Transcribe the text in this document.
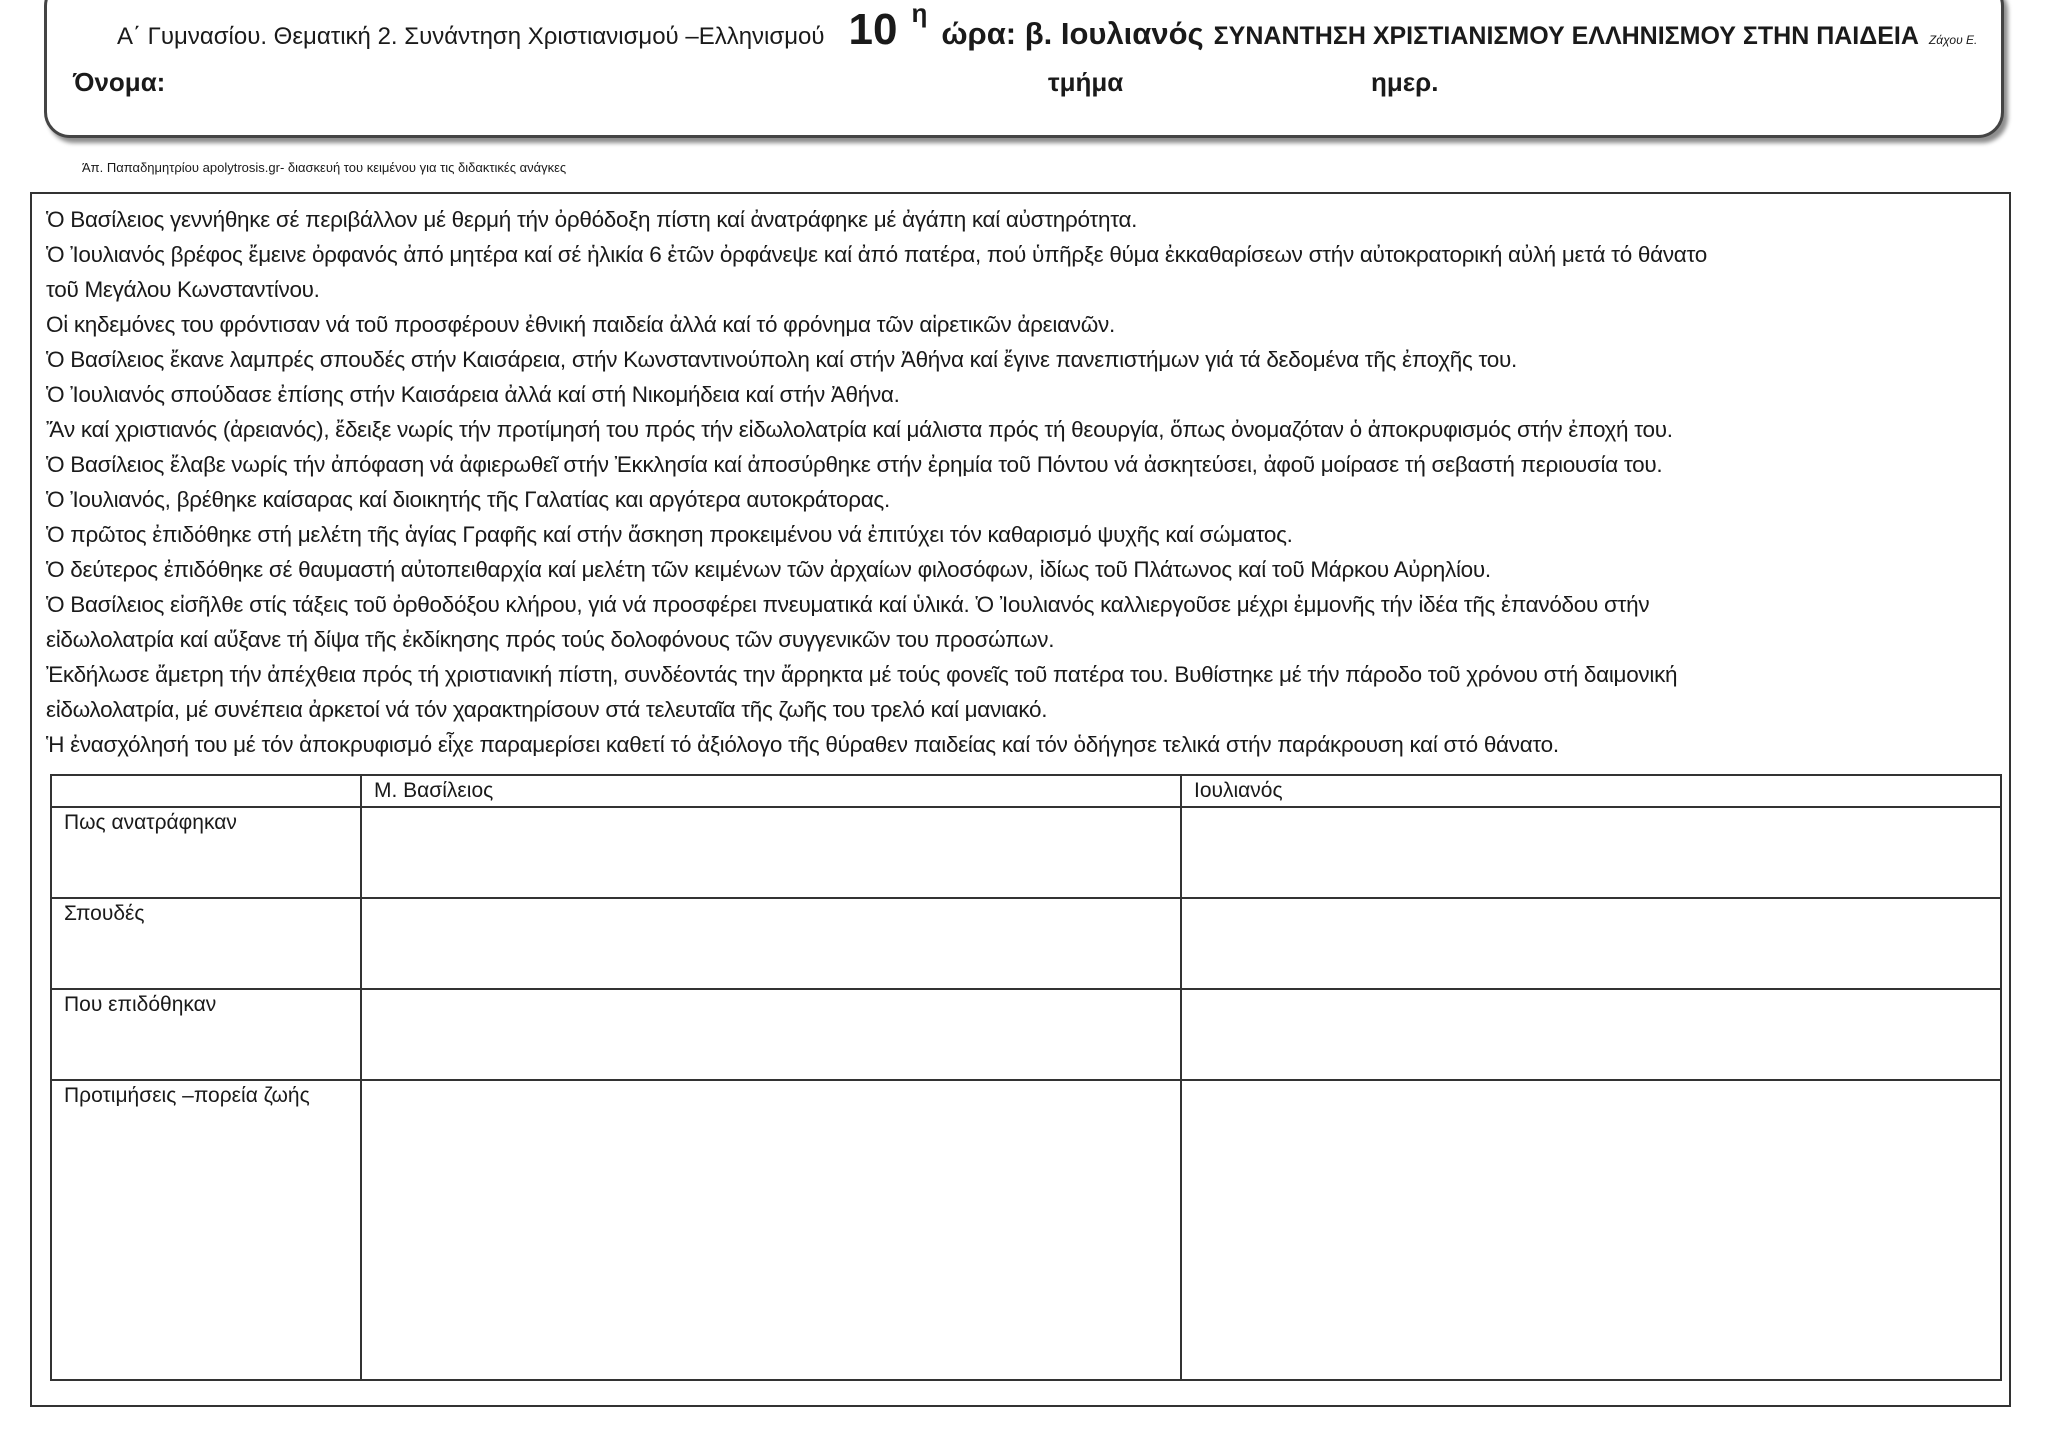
Α΄ Γυμνασίου. Θεματική 2. Συνάντηση Χριστιανισμού –Ελληνισμού 10 η
ώρα: β. Ιουλιανός ΣΥΝΑΝΤΗΣΗ ΧΡΙΣΤΙΑΝΙΣΜΟΥ ΕΛΛΗΝΙΣΜΟΥ ΣΤΗΝ ΠΑΙΔΕΙΑ Ζάχου Ε.
Όνομα:	τμήμα	ημερ.
Άπ. Παπαδημητρίου apolytrosis.gr- διασκευή του κειμένου για τις διδακτικές ανάγκες

Ὁ Βασίλειος γεννήθηκε σέ περιβάλλον μέ θερμή τήν ὀρθόδοξη πίστη καί ἀνατράφηκε μέ ἀγάπη καί αὐστηρότητα.

Ὁ Ἰουλιανός βρέφος ἔμεινε ὀρφανός ἀπό μητέρα καί σέ ἡλικία 6 ἐτῶν ὀρφάνεψε καί ἀπό πατέρα, πού ὑπῆρξε θύμα ἐκκαθαρίσεων στήν αὐτοκρατορική αὐλή μετά τό θάνατο

τοῦ Μεγάλου Κωνσταντίνου.

Οἱ κηδεμόνες του φρόντισαν νά τοῦ προσφέρουν ἐθνική παιδεία ἀλλά καί τό φρόνημα τῶν αἱρετικῶν ἀρειανῶν.

Ὁ Βασίλειος ἔκανε λαμπρές σπουδές στήν Καισάρεια, στήν Κωνσταντινούπολη καί στήν Ἀθήνα καί ἔγινε πανεπιστήμων γιά τά δεδομένα τῆς ἐποχῆς του.

Ὁ Ἰουλιανός σπούδασε ἐπίσης στήν Καισάρεια ἀλλά καί στή Νικομήδεια καί στήν Ἀθήνα.

Ἄν καί χριστιανός (ἀρειανός), ἔδειξε νωρίς τήν προτίμησή του πρός τήν εἰδωλολατρία καί μάλιστα πρός τή θεουργία, ὅπως ὀνομαζόταν ὁ ἀποκρυφισμός στήν ἐποχή του.

Ὁ Βασίλειος ἔλαβε νωρίς τήν ἀπόφαση νά ἀφιερωθεῖ στήν Ἐκκλησία καί ἀποσύρθηκε στήν ἐρημία τοῦ Πόντου νά ἀσκητεύσει, ἀφοῦ μοίρασε τή σεβαστή περιουσία του.

Ὁ Ἰουλιανός, βρέθηκε καίσαρας καί διοικητής τῆς Γαλατίας και αργότερα αυτοκράτορας.

Ὁ πρῶτος ἐπιδόθηκε στή μελέτη τῆς ἁγίας Γραφῆς καί στήν ἄσκηση προκειμένου νά ἐπιτύχει τόν καθαρισμό ψυχῆς καί σώματος.

Ὁ δεύτερος ἐπιδόθηκε σέ θαυμαστή αὐτοπειθαρχία καί μελέτη τῶν κειμένων τῶν ἀρχαίων φιλοσόφων, ἰδίως τοῦ Πλάτωνος καί τοῦ Μάρκου Αὐρηλίου.

Ὁ Βασίλειος εἰσῆλθε στίς τάξεις τοῦ ὀρθοδόξου κλήρου, γιά νά προσφέρει πνευματικά καί ὑλικά. Ὁ Ἰουλιανός καλλιεργοῦσε μέχρι ἐμμονῆς τήν ἰδέα τῆς ἐπανόδου στήν

εἰδωλολατρία καί αὔξανε τή δίψα τῆς ἐκδίκησης πρός τούς δολοφόνους τῶν συγγενικῶν του προσώπων.

Ἐκδήλωσε ἄμετρη τήν ἀπέχθεια πρός τή χριστιανική πίστη, συνδέοντάς την ἄρρηκτα μέ τούς φονεῖς τοῦ πατέρα του. Βυθίστηκε μέ τήν πάροδο τοῦ χρόνου στή δαιμονική

εἰδωλολατρία, μέ συνέπεια ἀρκετοί νά τόν χαρακτηρίσουν στά τελευταῖα τῆς ζωῆς του τρελό καί μανιακό.

Ἡ ἐνασχόλησή του μέ τόν ἀποκρυφισμό εἶχε παραμερίσει καθετί τό ἀξιόλογο τῆς θύραθεν παιδείας καί τόν ὁδήγησε τελικά στήν παράκρουση καί στό θάνατο.

	Μ. Βασίλειος	Ιουλιανός
Πως ανατράφηκαν		
Σπουδές		
Που επιδόθηκαν		
Προτιμήσεις –πορεία ζωής		
